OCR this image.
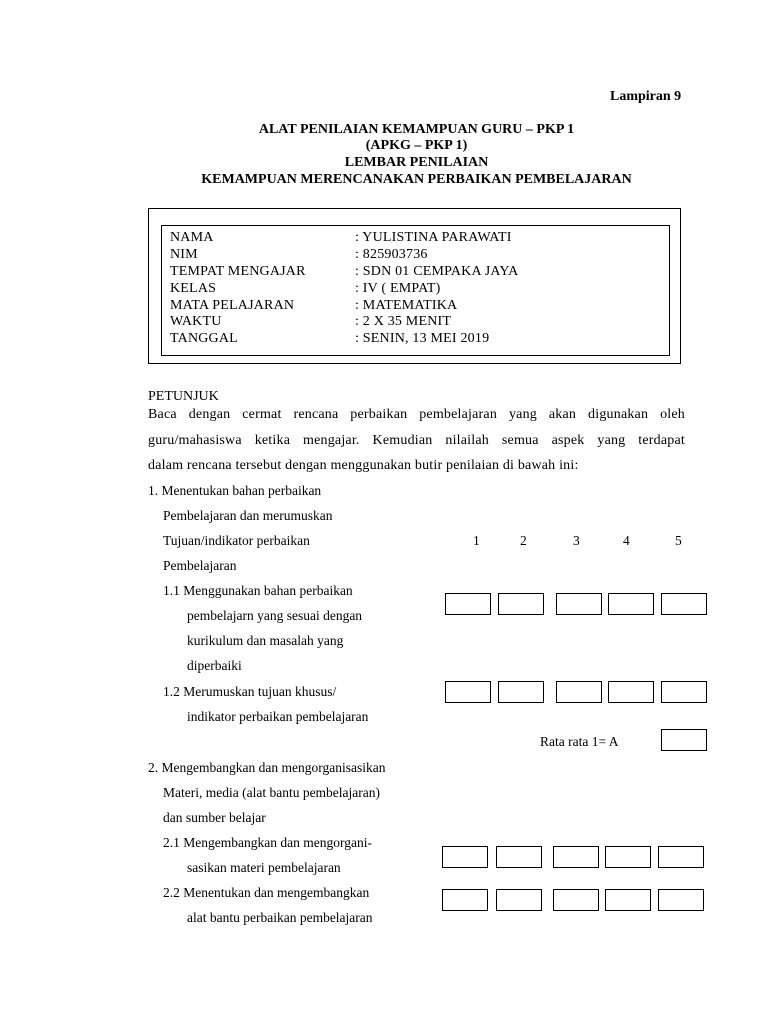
Lampiran 9
ALAT PENILAIAN KEMAMPUAN GURU – PKP 1
(APKG – PKP 1)
LEMBAR PENILAIAN
KEMAMPUAN MERENCANAKAN PERBAIKAN PEMBELAJARAN
NAMA	: YULISTINA PARAWATI
NIM	: 825903736
TEMPAT MENGAJAR	: SDN 01 CEMPAKA JAYA
KELAS	: IV ( EMPAT)
MATA PELAJARAN	: MATEMATIKA
WAKTU	: 2 X 35 MENIT
TANGGAL	: SENIN, 13 MEI 2019
PETUNJUK
Baca dengan cermat rencana perbaikan pembelajaran yang akan digunakan oleh
guru/mahasiswa ketika mengajar. Kemudian nilailah semua aspek yang terdapat
dalam rencana tersebut dengan menggunakan butir penilaian di bawah ini:
1. Menentukan bahan perbaikan
Pembelajaran dan merumuskan
Tujuan/indikator perbaikan
Pembelajaran
1	2	3	4	5
1.1 Menggunakan bahan perbaikan
pembelajarn yang sesuai dengan
kurikulum dan masalah yang
diperbaiki
1.2 Merumuskan tujuan khusus/
indikator perbaikan pembelajaran
Rata rata 1= A
2. Mengembangkan dan mengorganisasikan
Materi, media (alat bantu pembelajaran)
dan sumber belajar
2.1 Mengembangkan dan mengorgani-
sasikan materi pembelajaran
2.2 Menentukan dan mengembangkan
alat bantu perbaikan pembelajaran
